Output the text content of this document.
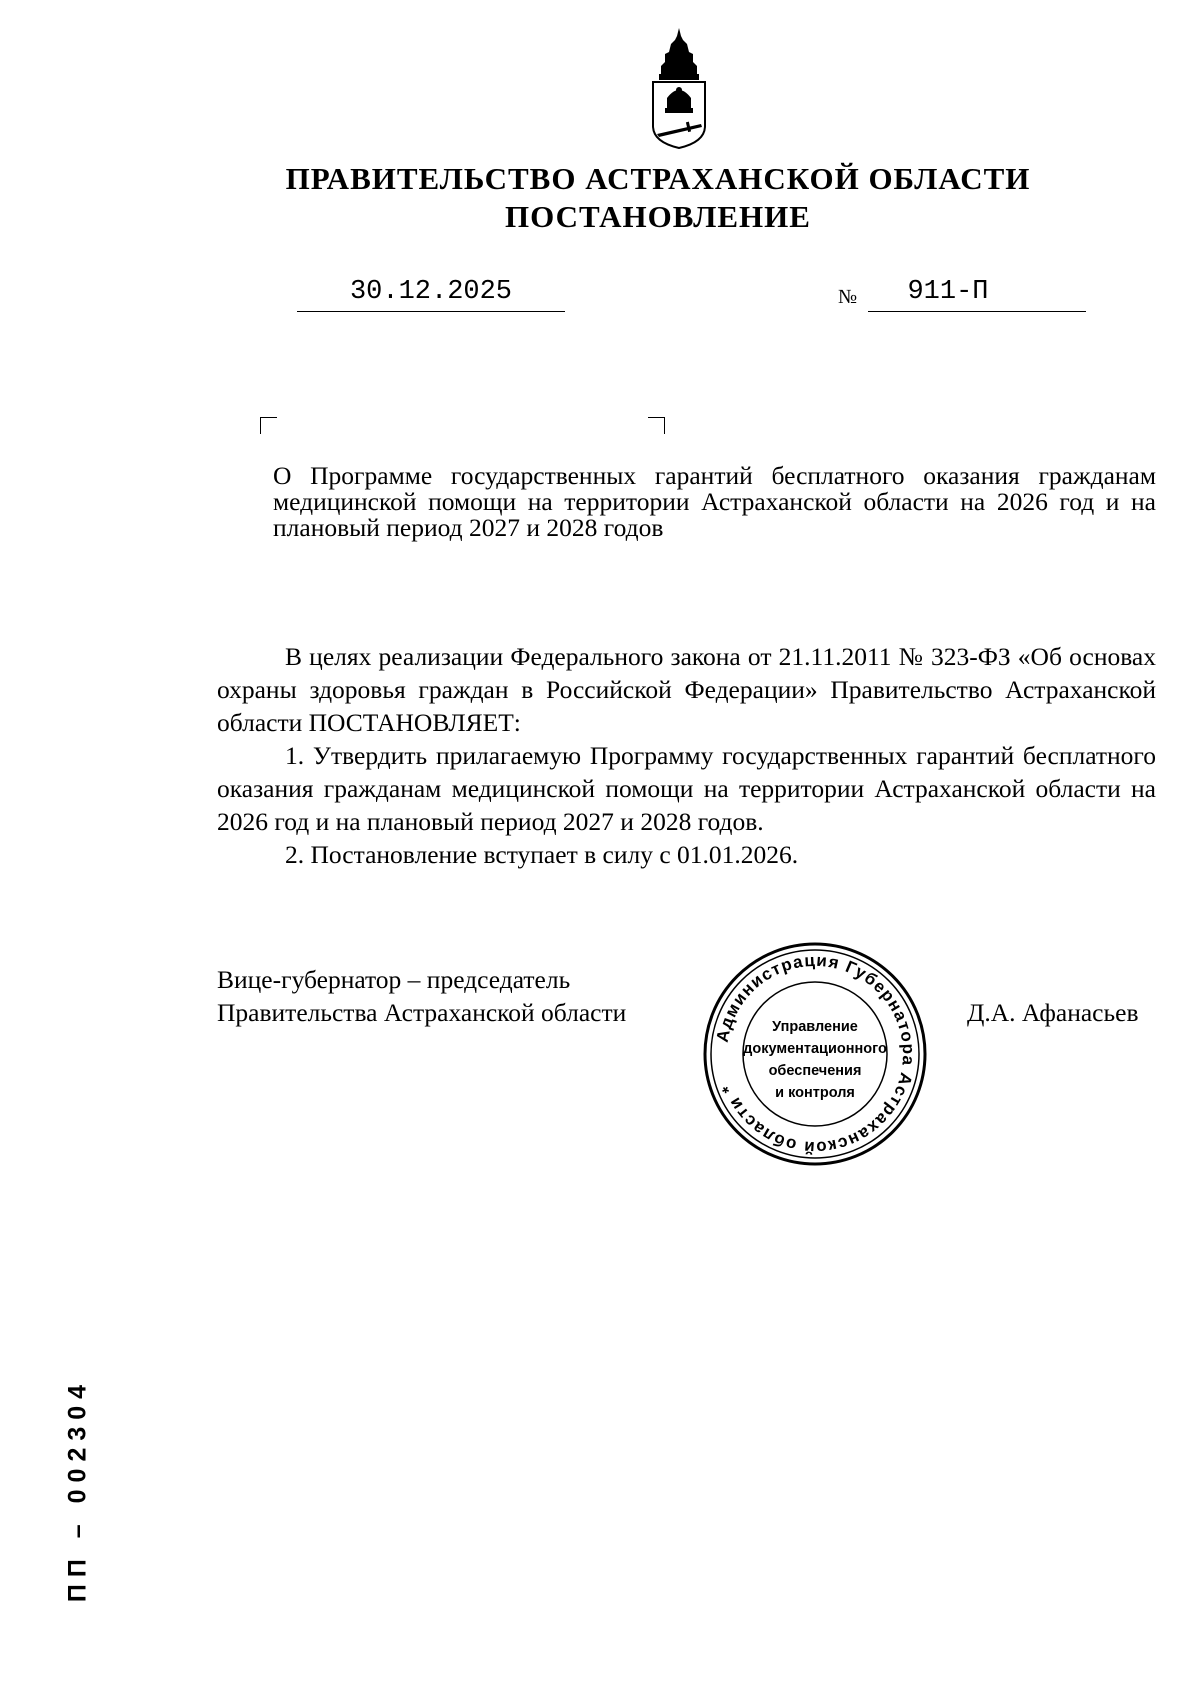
ПРАВИТЕЛЬСТВО АСТРАХАНСКОЙ ОБЛАСТИ
ПОСТАНОВЛЕНИЕ
30.12.2025	№	911-П
О Программе государственных гарантий бесплатного оказания гражданам медицинской помощи на территории Астраханской области на 2026 год и на плановый период 2027 и 2028 годов
В целях реализации Федерального закона от 21.11.2011 № 323-ФЗ «Об основах охраны здоровья граждан в Российской Федерации» Правительство Астраханской области ПОСТАНОВЛЯЕТ:
1. Утвердить прилагаемую Программу государственных гарантий бесплатного оказания гражданам медицинской помощи на территории Астраханской области на 2026 год и на плановый период 2027 и 2028 годов.
2. Постановление вступает в силу с 01.01.2026.
Вице-губернатор – председатель
Правительства Астраханской области	Д.А. Афанасьев
Администрация Губернатора Астраханской области *
Управление
документационного
обеспечения
и контроля
ПП – 002304
